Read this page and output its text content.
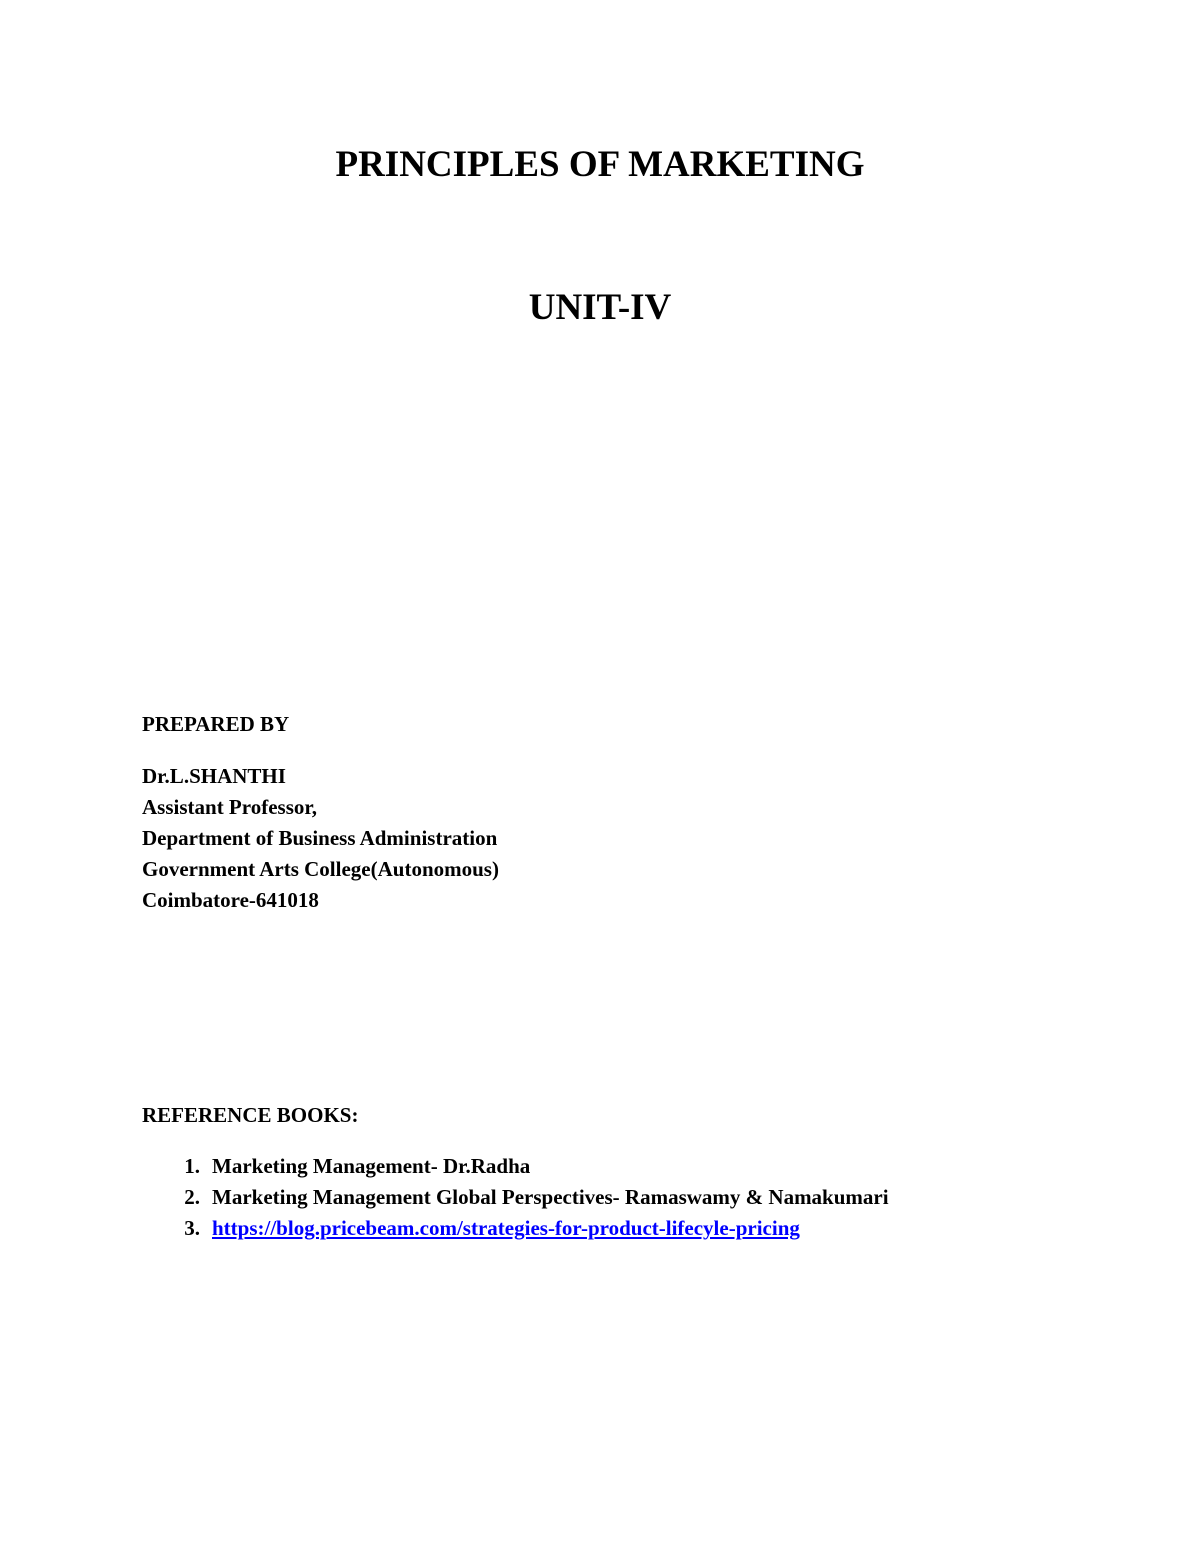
PRINCIPLES OF MARKETING
UNIT-IV

PREPARED BY

Dr.L.SHANTHI
Assistant Professor,
Department of Business Administration
Government Arts College(Autonomous)
Coimbatore-641018

REFERENCE BOOKS:

1. Marketing Management- Dr.Radha
2. Marketing Management Global Perspectives- Ramaswamy & Namakumari
3. https://blog.pricebeam.com/strategies-for-product-lifecyle-pricing
